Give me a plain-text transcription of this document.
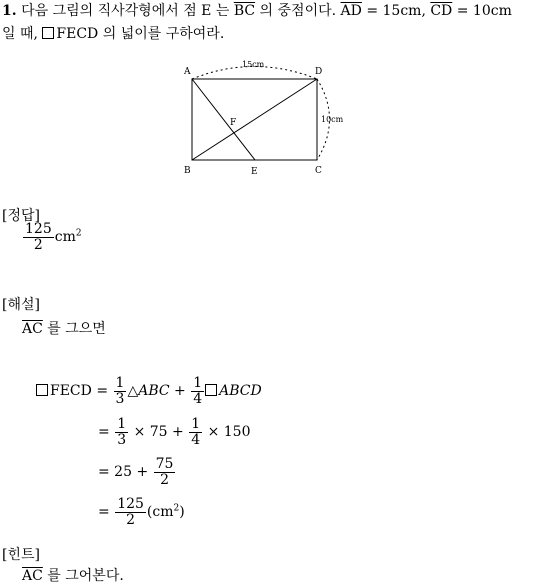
1. 다음 그림의 직사각형에서 점 E 는 $\overline{BC}$ 의 중점이다. $\overline{AD} = 15cm$, $\overline{CD} = 10cm$
일 때, FECD 의 넓이를 구하여라.
A
B	C
D
E
F
15cm
10cm
[정답]
$\frac{125}{2} cm^2$
[해설]
$\overline{AC}$ 를 그으면
FECD = $\frac{1}{3}$ △ABC + $\frac{1}{4}$ ABCD
= $\frac{1}{3} \times 75 + \frac{1}{4} \times 150$
= $25 + \frac{75}{2}$
= $\frac{125}{2} (cm^2)$
[힌트]
$\overline{AC}$ 를 그어본다.
